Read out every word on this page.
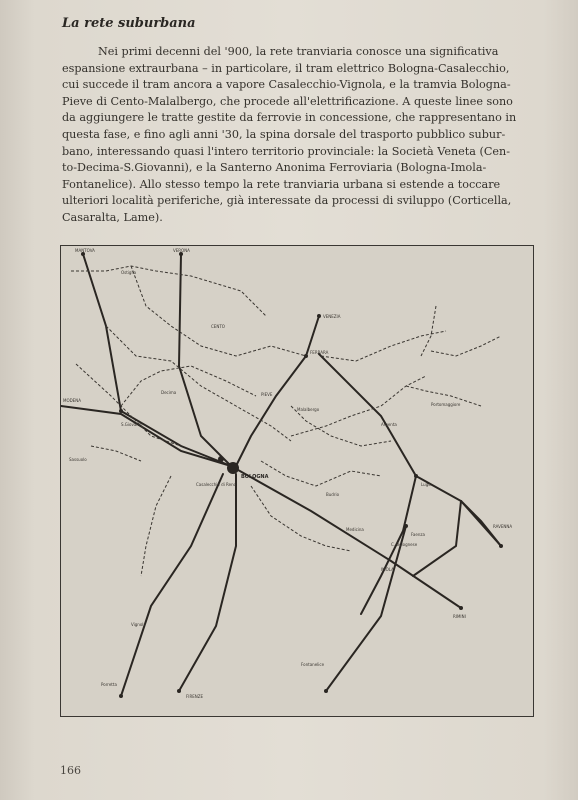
La rete suburbana
Nei primi decenni del '900, la rete tranviaria conosce una significativa
espansione extraurbana – in particolare, il tram elettrico Bologna-Casalecchio,
cui succede il tram ancora a vapore Casalecchio-Vignola, e la tramvia Bologna-
Pieve di Cento-Malalbergo, che procede all'elettrificazione. A queste linee sono
da aggiungere le tratte gestite da ferrovie in concessione, che rappresentano in
questa fase, e fino agli anni '30, la spina dorsale del trasporto pubblico subur-
bano, interessando quasi l'intero territorio provinciale: la Società Veneta (Cen-
to-Decima-S.Giovanni), e la Santerno Anonima Ferroviaria (Bologna-Imola-
Fontanelice). Allo stesso tempo la rete tranviaria urbana si estende a toccare
ulteriori località periferiche, già interessate da processi di sviluppo (Corticella,
Casaralta, Lame).
MANTOVA	VERONA
VENEZIA
FERRARA
BOLOGNA
MODENA
FIRENZE
RAVENNA
RIMINI
IMOLA
PIEVE
CENTO
Argenta
Casalecchio di Reno
Budrio
Medicina
Vignola
Malalbergo
Ostiglia
Portomaggiore
Lugo
C. Bolognese
Faenza
Fontanelice
Porretta
Sassuolo
S.Giovanni
Decima
166
